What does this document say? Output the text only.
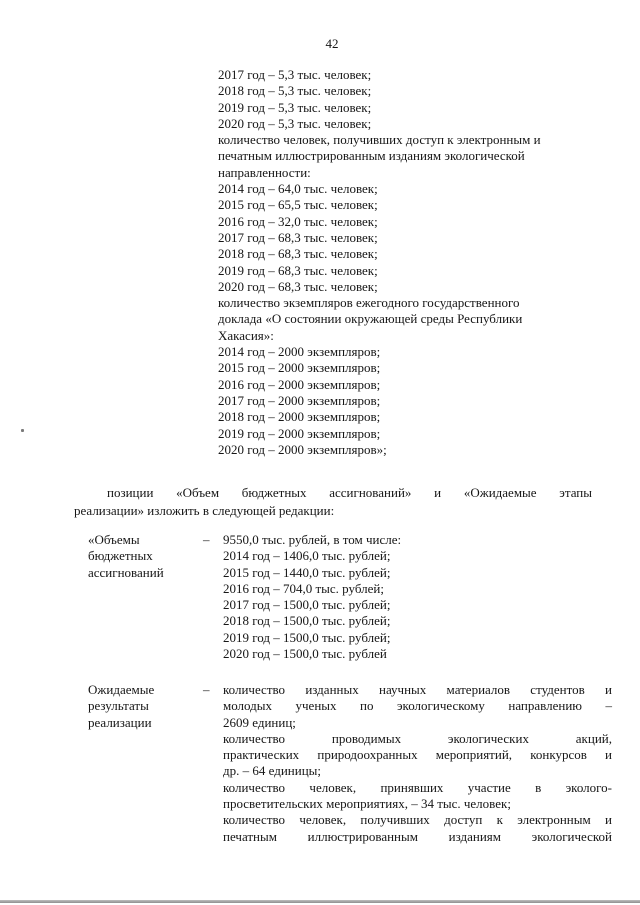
42
2017 год – 5,3 тыс. человек;
2018 год – 5,3 тыс. человек;
2019 год – 5,3 тыс. человек;
2020 год – 5,3 тыс. человек;
количество человек, получивших доступ к электронным и
печатным иллюстрированным изданиям экологической
направленности:
2014 год – 64,0 тыс. человек;
2015 год – 65,5 тыс. человек;
2016 год – 32,0 тыс. человек;
2017 год – 68,3 тыс. человек;
2018 год – 68,3 тыс. человек;
2019 год – 68,3 тыс. человек;
2020 год – 68,3 тыс. человек;
количество экземпляров ежегодного государственного
доклада «О состоянии окружающей среды Республики
Хакасия»:
2014 год – 2000 экземпляров;
2015 год – 2000 экземпляров;
2016 год – 2000 экземпляров;
2017 год – 2000 экземпляров;
2018 год – 2000 экземпляров;
2019 год – 2000 экземпляров;
2020 год – 2000 экземпляров»;
позиции «Объем бюджетных ассигнований» и «Ожидаемые этапы
реализации» изложить в следующей редакции:
«Объемы
бюджетных
ассигнований
–	9550,0 тыс. рублей, в том числе:
2014 год – 1406,0 тыс. рублей;
2015 год – 1440,0 тыс. рублей;
2016 год – 704,0 тыс. рублей;
2017 год – 1500,0 тыс. рублей;
2018 год – 1500,0 тыс. рублей;
2019 год – 1500,0 тыс. рублей;
2020 год – 1500,0 тыс. рублей
Ожидаемые
результаты
реализации
–	количество изданных научных материалов студентов и
молодых ученых по экологическому направлению –
2609 единиц;
количество проводимых экологических акций,
практических природоохранных мероприятий, конкурсов и
др. – 64 единицы;
количество человек, принявших участие в эколого-
просветительских мероприятиях, – 34 тыс. человек;
количество человек, получивших доступ к электронным и
печатным иллюстрированным изданиям экологической
